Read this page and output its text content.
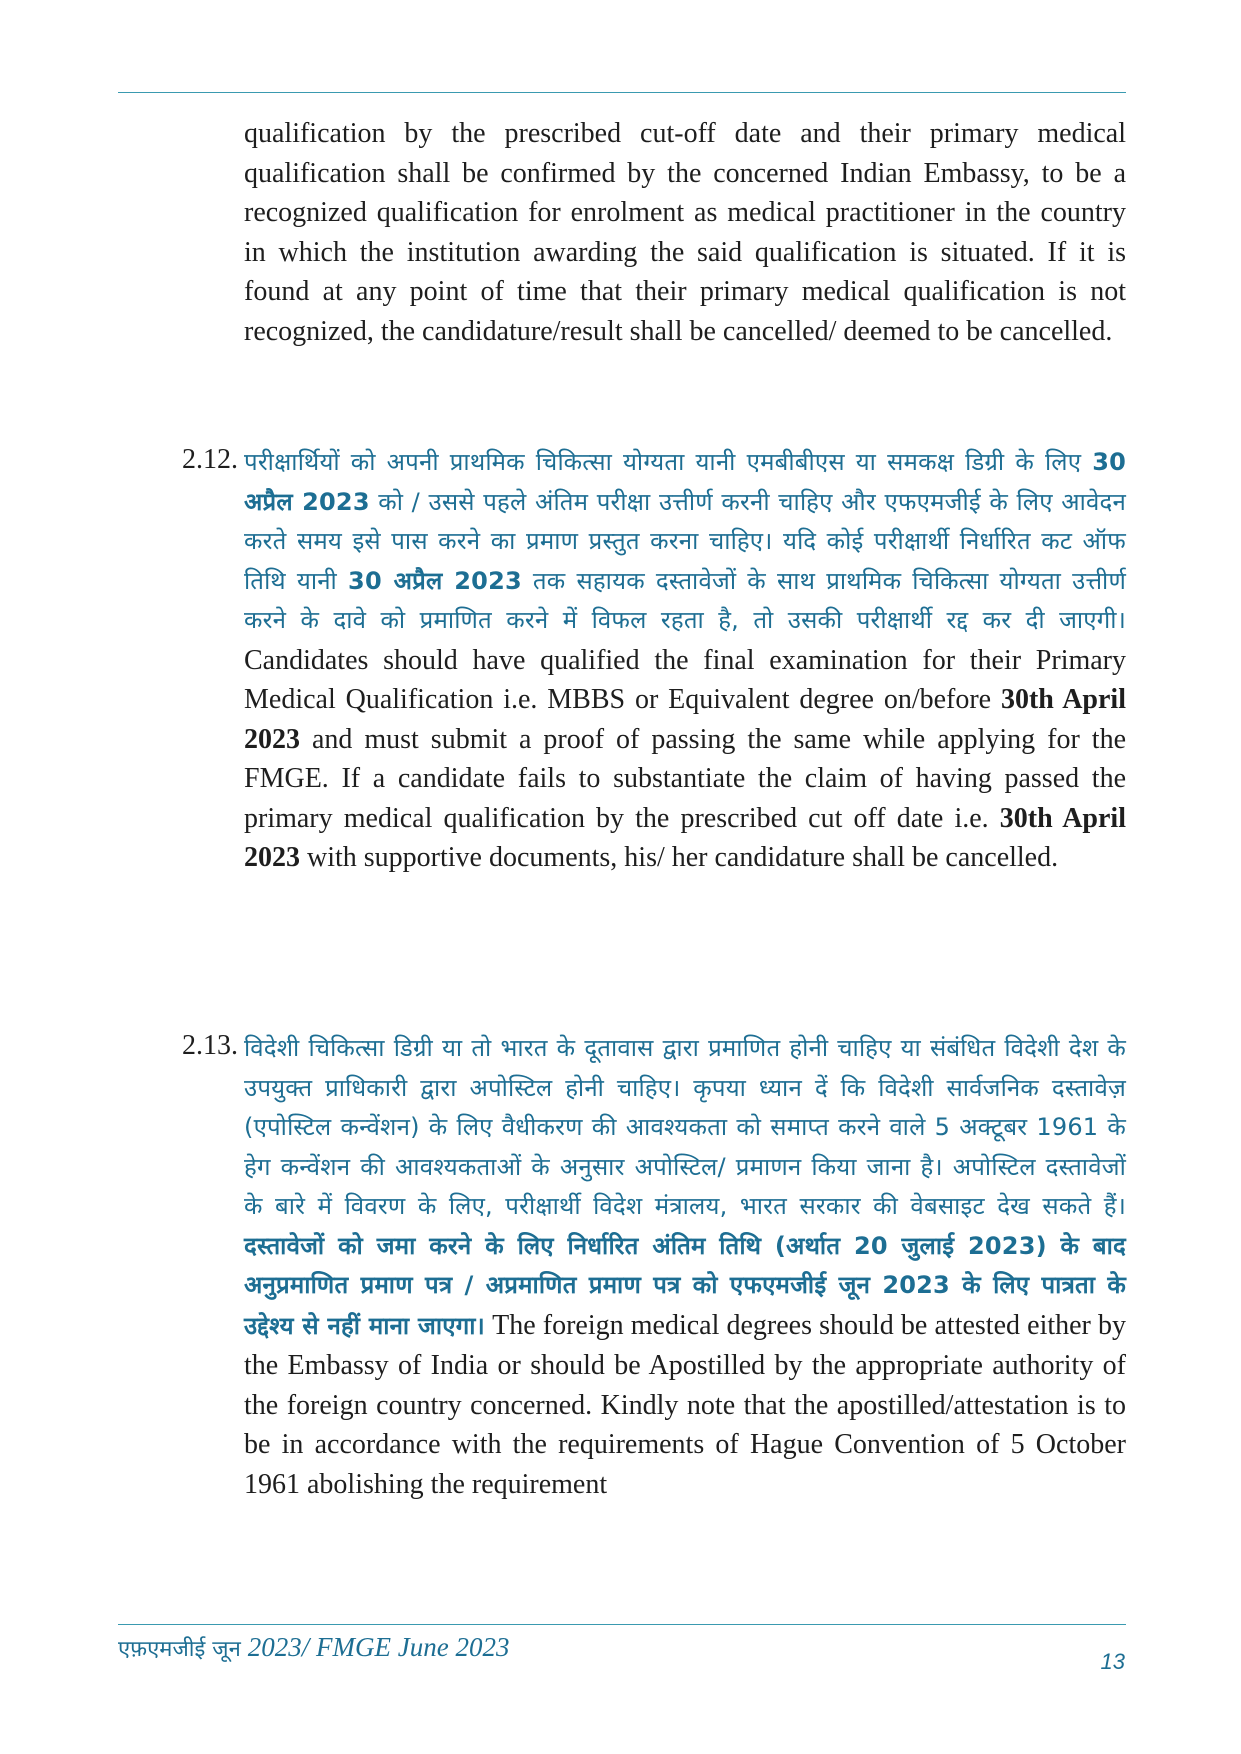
qualification by the prescribed cut-off date and their primary medical qualification shall be confirmed by the concerned Indian Embassy, to be a recognized qualification for enrolment as medical practitioner in the country in which the institution awarding the said qualification is situated. If it is found at any point of time that their primary medical qualification is not recognized, the candidature/result shall be cancelled/ deemed to be cancelled.
2.12. परीक्षार्थियों को अपनी प्राथमिक चिकित्सा योग्यता यानी एमबीबीएस या समकक्ष डिग्री के लिए 30 अप्रैल 2023 को / उससे पहले अंतिम परीक्षा उत्तीर्ण करनी चाहिए और एफएमजीई के लिए आवेदन करते समय इसे पास करने का प्रमाण प्रस्तुत करना चाहिए। यदि कोई परीक्षार्थी निर्धारित कट ऑफ तिथि यानी 30 अप्रैल 2023 तक सहायक दस्तावेजों के साथ प्राथमिक चिकित्सा योग्यता उत्तीर्ण करने के दावे को प्रमाणित करने में विफल रहता है, तो उसकी परीक्षार्थी रद्द कर दी जाएगी। Candidates should have qualified the final examination for their Primary Medical Qualification i.e. MBBS or Equivalent degree on/before 30th April 2023 and must submit a proof of passing the same while applying for the FMGE. If a candidate fails to substantiate the claim of having passed the primary medical qualification by the prescribed cut off date i.e. 30th April 2023 with supportive documents, his/ her candidature shall be cancelled.
2.13. विदेशी चिकित्सा डिग्री या तो भारत के दूतावास द्वारा प्रमाणित होनी चाहिए या संबंधित विदेशी देश के उपयुक्त प्राधिकारी द्वारा अपोस्टिल होनी चाहिए। कृपया ध्यान दें कि विदेशी सार्वजनिक दस्तावेज़ (एपोस्टिल कन्वेंशन) के लिए वैधीकरण की आवश्यकता को समाप्त करने वाले 5 अक्टूबर 1961 के हेग कन्वेंशन की आवश्यकताओं के अनुसार अपोस्टिल/ प्रमाणन किया जाना है। अपोस्टिल दस्तावेजों के बारे में विवरण के लिए, परीक्षार्थी विदेश मंत्रालय, भारत सरकार की वेबसाइट देख सकते हैं। दस्तावेजों को जमा करने के लिए निर्धारित अंतिम तिथि (अर्थात 20 जुलाई 2023) के बाद अनुप्रमाणित प्रमाण पत्र / अप्रमाणित प्रमाण पत्र को एफएमजीई जून 2023 के लिए पात्रता के उद्देश्य से नहीं माना जाएगा। The foreign medical degrees should be attested either by the Embassy of India or should be Apostilled by the appropriate authority of the foreign country concerned. Kindly note that the apostilled/attestation is to be in accordance with the requirements of Hague Convention of 5 October 1961 abolishing the requirement
एफ़एमजीई जून 2023/ FMGE June 2023	13
